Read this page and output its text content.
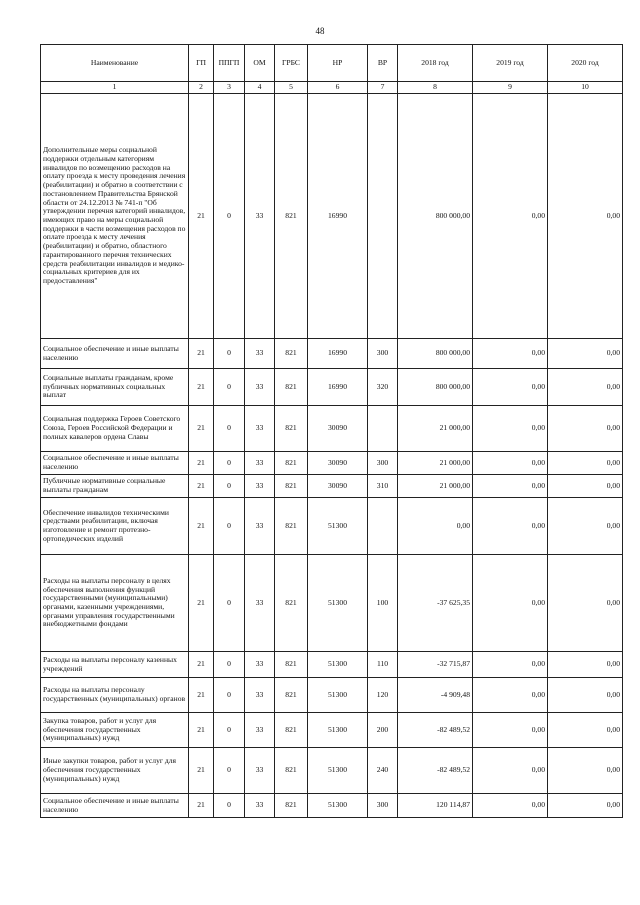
48
Наименование	ГП	ППГП	ОМ	ГРБС	НР	ВР	2018 год	2019 год	2020 год
1	2	3	4	5	6	7	8	9	10
Дополнительные меры социальной поддержки отдельным категориям инвалидов по возмещению расходов на оплату проезда к месту проведения лечения (реабилитации) и обратно в соответствии с постановлением Правительства Брянской области от 24.12.2013 № 741-п "Об утверждении перечня категорий инвалидов, имеющих право на меры социальной поддержки в части возмещения расходов по оплате проезда к месту лечения (реабилитации) и обратно, областного гарантированного перечня технических средств реабилитации инвалидов и медико-социальных критериев для их предоставления"	21	0	33	821	16990		800 000,00	0,00	0,00
Социальное обеспечение и иные выплаты населению	21	0	33	821	16990	300	800 000,00	0,00	0,00
Социальные выплаты гражданам, кроме публичных нормативных социальных выплат	21	0	33	821	16990	320	800 000,00	0,00	0,00
Социальная поддержка Героев Советского Союза, Героев Российской Федерации и полных кавалеров ордена Славы	21	0	33	821	30090		21 000,00	0,00	0,00
Социальное обеспечение и иные выплаты населению	21	0	33	821	30090	300	21 000,00	0,00	0,00
Публичные нормативные социальные выплаты гражданам	21	0	33	821	30090	310	21 000,00	0,00	0,00
Обеспечение инвалидов техническими средствами реабилитации, включая изготовление и ремонт протезно-ортопедических изделий	21	0	33	821	51300		0,00	0,00	0,00
Расходы на выплаты персоналу в целях обеспечения выполнения функций государственными (муниципальными) органами, казенными учреждениями, органами управления государственными внебюджетными фондами	21	0	33	821	51300	100	-37 625,35	0,00	0,00
Расходы на выплаты персоналу казенных учреждений	21	0	33	821	51300	110	-32 715,87	0,00	0,00
Расходы на выплаты персоналу государственных (муниципальных) органов	21	0	33	821	51300	120	-4 909,48	0,00	0,00
Закупка товаров, работ и услуг для обеспечения государственных (муниципальных) нужд	21	0	33	821	51300	200	-82 489,52	0,00	0,00
Иные закупки товаров, работ и услуг для обеспечения государственных (муниципальных) нужд	21	0	33	821	51300	240	-82 489,52	0,00	0,00
Социальное обеспечение и иные выплаты населению	21	0	33	821	51300	300	120 114,87	0,00	0,00
